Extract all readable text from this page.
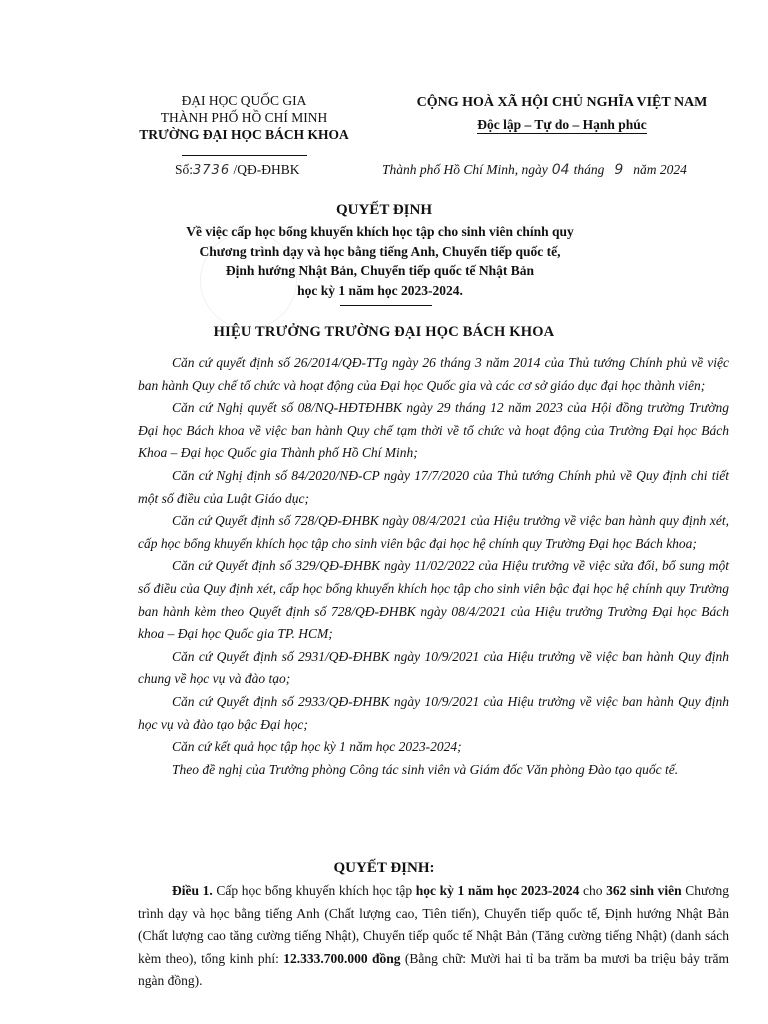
ĐẠI HỌC QUỐC GIA
THÀNH PHỐ HỒ CHÍ MINH
TRƯỜNG ĐẠI HỌC BÁCH KHOA
CỘNG HOÀ XÃ HỘI CHỦ NGHĨA VIỆT NAM
Độc lập – Tự do – Hạnh phúc
Số:3736 /QĐ-ĐHBK	Thành phố Hồ Chí Minh, ngày 04 tháng 9 năm 2024
QUYẾT ĐỊNH
Về việc cấp học bổng khuyến khích học tập cho sinh viên chính quy
Chương trình dạy và học bằng tiếng Anh, Chuyển tiếp quốc tế,
Định hướng Nhật Bản, Chuyển tiếp quốc tế Nhật Bản
học kỳ 1 năm học 2023-2024.
HIỆU TRƯỞNG TRƯỜNG ĐẠI HỌC BÁCH KHOA

Căn cứ quyết định số 26/2014/QĐ-TTg ngày 26 tháng 3 năm 2014 của Thủ tướng Chính phủ về việc ban hành Quy chế tổ chức và hoạt động của Đại học Quốc gia và các cơ sở giáo dục đại học thành viên;

Căn cứ Nghị quyết số 08/NQ-HĐTĐHBK ngày 29 tháng 12 năm 2023 của Hội đồng trường Trường Đại học Bách khoa về việc ban hành Quy chế tạm thời về tổ chức và hoạt động của Trường Đại học Bách Khoa – Đại học Quốc gia Thành phố Hồ Chí Minh;

Căn cứ Nghị định số 84/2020/NĐ-CP ngày 17/7/2020 của Thủ tướng Chính phủ về Quy định chi tiết một số điều của Luật Giáo dục;

Căn cứ Quyết định số 728/QĐ-ĐHBK ngày 08/4/2021 của Hiệu trưởng về việc ban hành quy định xét, cấp học bổng khuyến khích học tập cho sinh viên bậc đại học hệ chính quy Trường Đại học Bách khoa;

Căn cứ Quyết định số 329/QĐ-ĐHBK ngày 11/02/2022 của Hiệu trưởng về việc sửa đổi, bổ sung một số điều của Quy định xét, cấp học bổng khuyến khích học tập cho sinh viên bậc đại học hệ chính quy Trường ban hành kèm theo Quyết định số 728/QĐ-ĐHBK ngày 08/4/2021 của Hiệu trưởng Trường Đại học Bách khoa – Đại học Quốc gia TP. HCM;

Căn cứ Quyết định số 2931/QĐ-ĐHBK ngày 10/9/2021 của Hiệu trưởng về việc ban hành Quy định chung về học vụ và đào tạo;

Căn cứ Quyết định số 2933/QĐ-ĐHBK ngày 10/9/2021 của Hiệu trưởng về việc ban hành Quy định học vụ và đào tạo bậc Đại học;

Căn cứ kết quả học tập học kỳ 1 năm học 2023-2024;

Theo đề nghị của Trưởng phòng Công tác sinh viên và Giám đốc Văn phòng Đào tạo quốc tế.

QUYẾT ĐỊNH:

Điều 1. Cấp học bổng khuyến khích học tập học kỳ 1 năm học 2023-2024 cho 362 sinh viên Chương trình dạy và học bằng tiếng Anh (Chất lượng cao, Tiên tiến), Chuyển tiếp quốc tế, Định hướng Nhật Bản (Chất lượng cao tăng cường tiếng Nhật), Chuyển tiếp quốc tế Nhật Bản (Tăng cường tiếng Nhật) (danh sách kèm theo), tổng kinh phí: 12.333.700.000 đồng (Bằng chữ: Mười hai tỉ ba trăm ba mươi ba triệu bảy trăm ngàn đồng).
